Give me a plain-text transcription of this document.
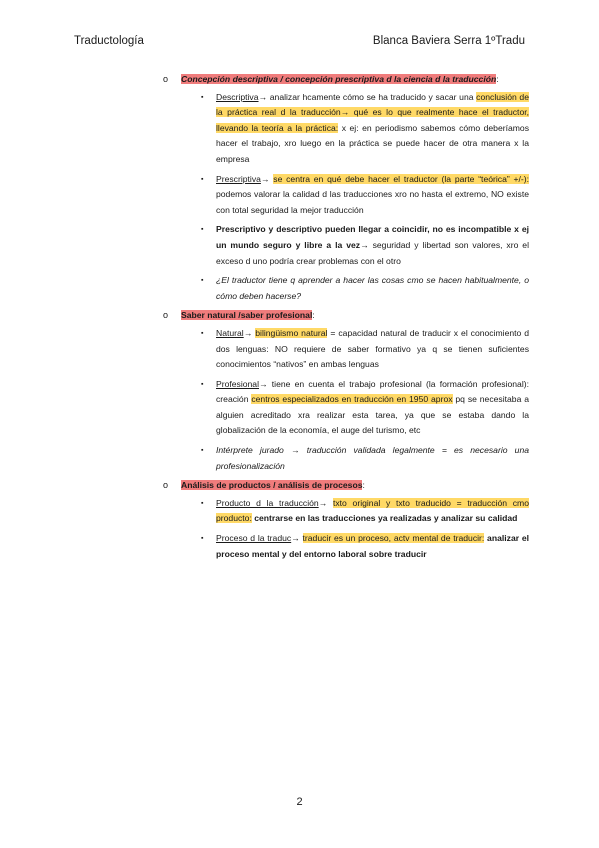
Traductología	Blanca Baviera Serra 1ºTradu
o Concepción descriptiva / concepción prescriptiva d la ciencia d la traducción:
▪ Descriptiva→ analizar hcamente cómo se ha traducido y sacar una conclusión de la práctica real d la traducción→ qué es lo que realmente hace el traductor, llevando la teoría a la práctica: x ej: en periodismo sabemos cómo deberíamos hacer el trabajo, xro luego en la práctica se puede hacer de otra manera x la empresa
▪ Prescriptiva→ se centra en qué debe hacer el traductor (la parte “teórica” +/-): podemos valorar la calidad d las traducciones xro no hasta el extremo, NO existe con total seguridad la mejor traducción
▪ Prescriptivo y descriptivo pueden llegar a coincidir, no es incompatible x ej un mundo seguro y libre a la vez→ seguridad y libertad son valores, xro el exceso d uno podría crear problemas con el otro
▪ ¿El traductor tiene q aprender a hacer las cosas cmo se hacen habitualmente, o cómo deben hacerse?
o Saber natural /saber profesional:
▪ Natural→ bilingüismo natural = capacidad natural de traducir x el conocimiento d dos lenguas: NO requiere de saber formativo ya q se tienen suficientes conocimientos “nativos” en ambas lenguas
▪ Profesional→ tiene en cuenta el trabajo profesional (la formación profesional): creación centros especializados en traducción en 1950 aprox pq se necesitaba a alguien acreditado xra realizar esta tarea, ya que se estaba dando la globalización de la economía, el auge del turismo, etc
▪ Intérprete jurado → traducción validada legalmente = es necesario una profesionalización
o Análisis de productos / análisis de procesos:
▪ Producto d la traducción→ txto original y txto traducido = traducción cmo producto: centrarse en las traducciones ya realizadas y analizar su calidad
▪ Proceso d la traduc→ traducir es un proceso, actv mental de traducir: analizar el proceso mental y del entorno laboral sobre traducir
2
